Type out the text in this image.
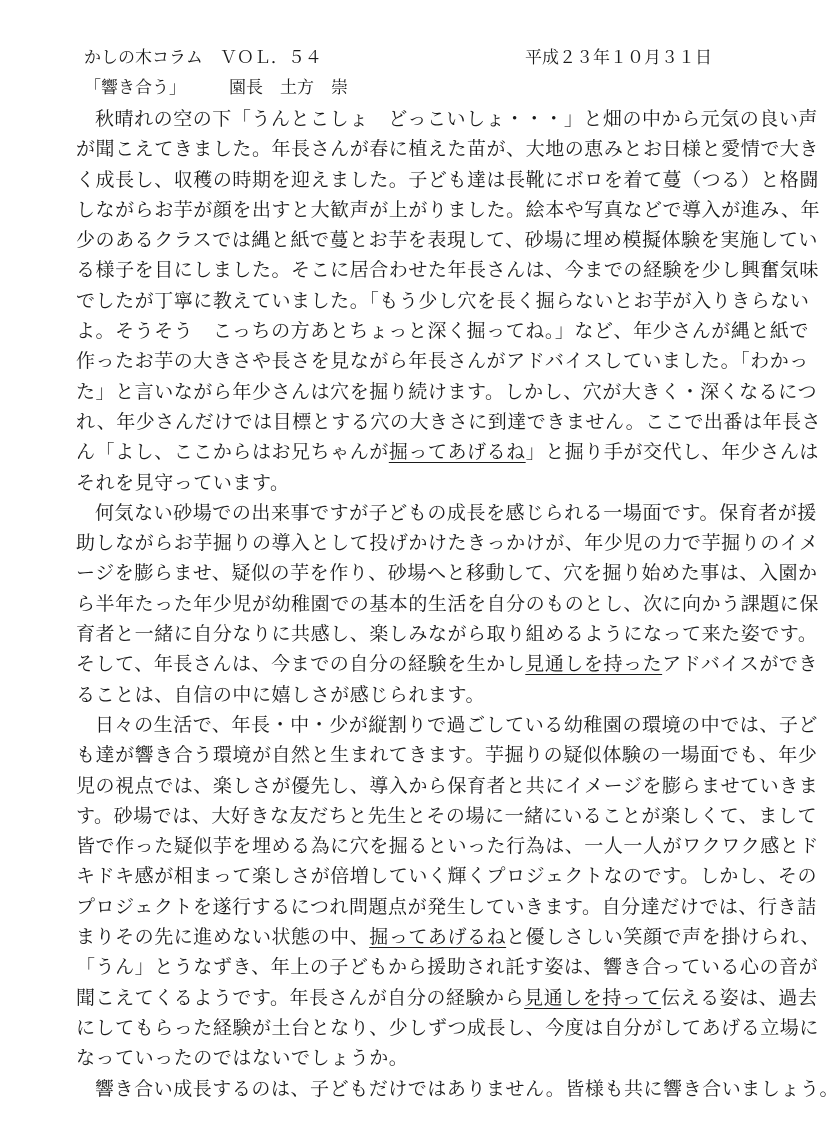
かしの木コラム　ＶＯＬ．５４	平成２３年１０月３１日
「響き合う」	園長　土方　崇
秋晴れの空の下「うんとこしょ　どっこいしょ・・・」と畑の中から元気の良い声
が聞こえてきました。年長さんが春に植えた苗が、大地の恵みとお日様と愛情で大き
く成長し、収穫の時期を迎えました。子ども達は長靴にボロを着て蔓（つる）と格闘
しながらお芋が顔を出すと大歓声が上がりました。絵本や写真などで導入が進み、年
少のあるクラスでは縄と紙で蔓とお芋を表現して、砂場に埋め模擬体験を実施してい
る様子を目にしました。そこに居合わせた年長さんは、今までの経験を少し興奮気味
でしたが丁寧に教えていました。「もう少し穴を長く掘らないとお芋が入りきらない
よ。そうそう　こっちの方あとちょっと深く掘ってね。」など、年少さんが縄と紙で
作ったお芋の大きさや長さを見ながら年長さんがアドバイスしていました。「わかっ
た」と言いながら年少さんは穴を掘り続けます。しかし、穴が大きく・深くなるにつ
れ、年少さんだけでは目標とする穴の大きさに到達できません。ここで出番は年長さ
ん「よし、ここからはお兄ちゃんが掘ってあげるね」と掘り手が交代し、年少さんは
それを見守っています。
何気ない砂場での出来事ですが子どもの成長を感じられる一場面です。保育者が援
助しながらお芋掘りの導入として投げかけたきっかけが、年少児の力で芋掘りのイメ
ージを膨らませ、疑似の芋を作り、砂場へと移動して、穴を掘り始めた事は、入園か
ら半年たった年少児が幼稚園での基本的生活を自分のものとし、次に向かう課題に保
育者と一緒に自分なりに共感し、楽しみながら取り組めるようになって来た姿です。
そして、年長さんは、今までの自分の経験を生かし見通しを持ったアドバイスができ
ることは、自信の中に嬉しさが感じられます。
日々の生活で、年長・中・少が縦割りで過ごしている幼稚園の環境の中では、子ど
も達が響き合う環境が自然と生まれてきます。芋掘りの疑似体験の一場面でも、年少
児の視点では、楽しさが優先し、導入から保育者と共にイメージを膨らませていきま
す。砂場では、大好きな友だちと先生とその場に一緒にいることが楽しくて、まして
皆で作った疑似芋を埋める為に穴を掘るといった行為は、一人一人がワクワク感とド
キドキ感が相まって楽しさが倍増していく輝くプロジェクトなのです。しかし、その
プロジェクトを遂行するにつれ問題点が発生していきます。自分達だけでは、行き詰
まりその先に進めない状態の中、掘ってあげるねと優しさしい笑顔で声を掛けられ、
「うん」とうなずき、年上の子どもから援助され託す姿は、響き合っている心の音が
聞こえてくるようです。年長さんが自分の経験から見通しを持って伝える姿は、過去
にしてもらった経験が土台となり、少しずつ成長し、今度は自分がしてあげる立場に
なっていったのではないでしょうか。
響き合い成長するのは、子どもだけではありません。皆様も共に響き合いましょう。
